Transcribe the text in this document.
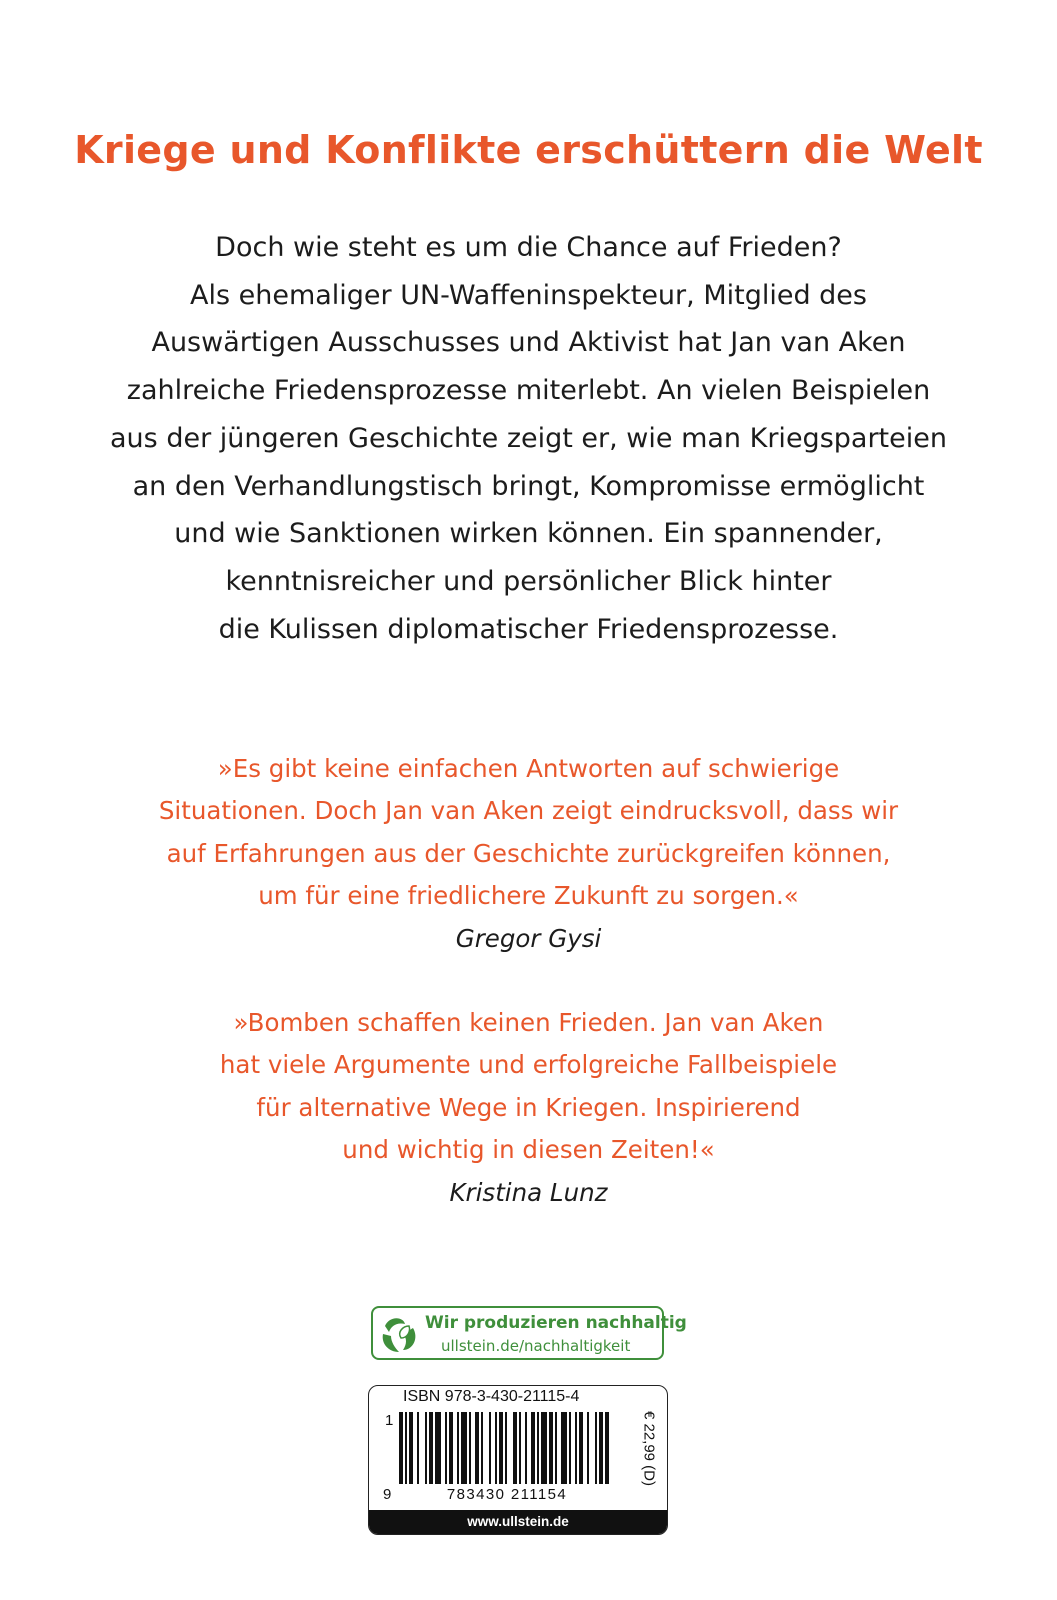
Kriege und Konflikte erschüttern die Welt
Doch wie steht es um die Chance auf Frieden?
Als ehemaliger UN-Waffeninspekteur, Mitglied des
Auswärtigen Ausschusses und Aktivist hat Jan van Aken
zahlreiche Friedensprozesse miterlebt. An vielen Beispielen
aus der jüngeren Geschichte zeigt er, wie man Kriegsparteien
an den Verhandlungstisch bringt, Kompromisse ermöglicht
und wie Sanktionen wirken können. Ein spannender,
kenntnisreicher und persönlicher Blick hinter
die Kulissen diplomatischer Friedensprozesse.
»Es gibt keine einfachen Antworten auf schwierige
Situationen. Doch Jan van Aken zeigt eindrucksvoll, dass wir
auf Erfahrungen aus der Geschichte zurückgreifen können,
um für eine friedlichere Zukunft zu sorgen.«
Gregor Gysi
»Bomben schaffen keinen Frieden. Jan van Aken
hat viele Argumente und erfolgreiche Fallbeispiele
für alternative Wege in Kriegen. Inspirierend
und wichtig in diesen Zeiten!«
Kristina Lunz
Wir produzieren nachhaltig
ullstein.de/nachhaltigkeit
ISBN 978-3-430-21115-4
1
9	783430 211154
€ 22,99 (D)
www.ullstein.de
